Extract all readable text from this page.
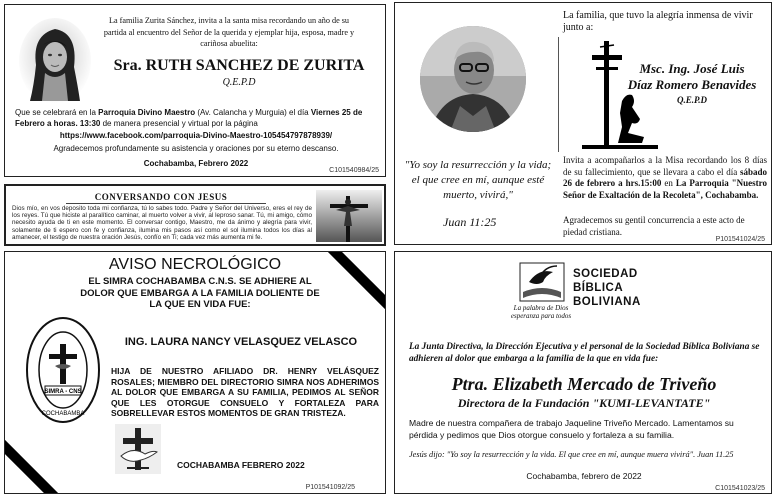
La familia Zurita Sánchez, invita a la santa misa recordando un año de su partida al encuentro del Señor de la querida y ejemplar hija, esposa, madre y cariñosa abuelita:
Sra. RUTH SANCHEZ DE ZURITA
Q.E.P.D
Que se celebrará en la Parroquia Divino Maestro (Av. Calancha y Murguia) el día Viernes 25 de Febrero a horas. 13:30 de manera presencial y virtual por la página
https://www.facebook.com/parroquia-Divino-Maestro-105454797878939/
Agradecemos profundamente su asistencia y oraciones por su eterno descanso.
Cochabamba, Febrero 2022
C101540984/25
CONVERSANDO CON JESUS
Dios mío, en vos deposito toda mi confianza, tú lo sabes todo. Padre y Señor del Universo, eres el rey de los reyes. Tú que hiciste al paralítico caminar, al muerto volver a vivir, al leproso sanar. Tú, mi amigo, cómo necesito ayuda de ti en este momento. El conversar contigo, Maestro, me da ánimo y alegría para vivir, solamente de ti espero con fe y confianza, ilumina mis pasos así como el sol ilumina todos los días al amanecer, el testigo de nuestra oración Jesús, confío en Ti; cada vez más aumenta mi fe.
La familia, que tuvo la alegría inmensa de vivir junto a:
Msc. Ing. José Luis
Díaz Romero Benavides
Q.E.P.D
"Yo soy la resurrección y la vida; el que cree en mí, aunque esté muerto, vivirá,"
Juan 11:25
Invita a acompañarlos a la Misa recordando los 8 días de su fallecimiento, que se llevara a cabo el día sábado 26 de febrero a hrs.15:00 en La Parroquia "Nuestro Señor de Exaltación de la Recoleta", Cochabamba.
Agradecemos su gentil concurrencia a este acto de piedad cristiana.
P101541024/25
AVISO NECROLÓGICO
EL SIMRA COCHABAMBA C.N.S. SE ADHIERE AL DOLOR QUE EMBARGA A LA FAMILIA DOLIENTE DE LA QUE EN VIDA FUE:
SIMRA - CNS
COCHABAMBA
ING. LAURA NANCY VELASQUEZ VELASCO
HIJA DE NUESTRO AFILIADO DR. HENRY VELÁSQUEZ ROSALES; MIEMBRO DEL DIRECTORIO SIMRA NOS ADHERIMOS AL DOLOR QUE EMBARGA A SU FAMILIA, PEDIMOS AL SEÑOR QUE LES OTORGUE CONSUELO Y FORTALEZA PARA SOBRELLEVAR ESTOS MOMENTOS DE GRAN TRISTEZA.
COCHABAMBA FEBRERO 2022
P101541092/25
SOCIEDAD
BÍBLICA
BOLIVIANA
La palabra de Dios
esperanza para todos
La Junta Directiva, la Dirección Ejecutiva y el personal de la Sociedad Bíblica Boliviana se adhieren al dolor que embarga a la familia de la que en vida fue:
Ptra. Elizabeth Mercado de Triveño
Directora de la Fundación "KUMI-LEVANTATE"
Madre de nuestra compañera de trabajo Jaqueline Triveño Mercado. Lamentamos su pérdida y pedimos que Dios otorgue consuelo y fortaleza a su familia.
Jesús dijo: "Yo soy la resurrección y la vida. El que cree en mí, aunque muera vivirá". Juan 11.25
Cochabamba, febrero de 2022
C101541023/25
